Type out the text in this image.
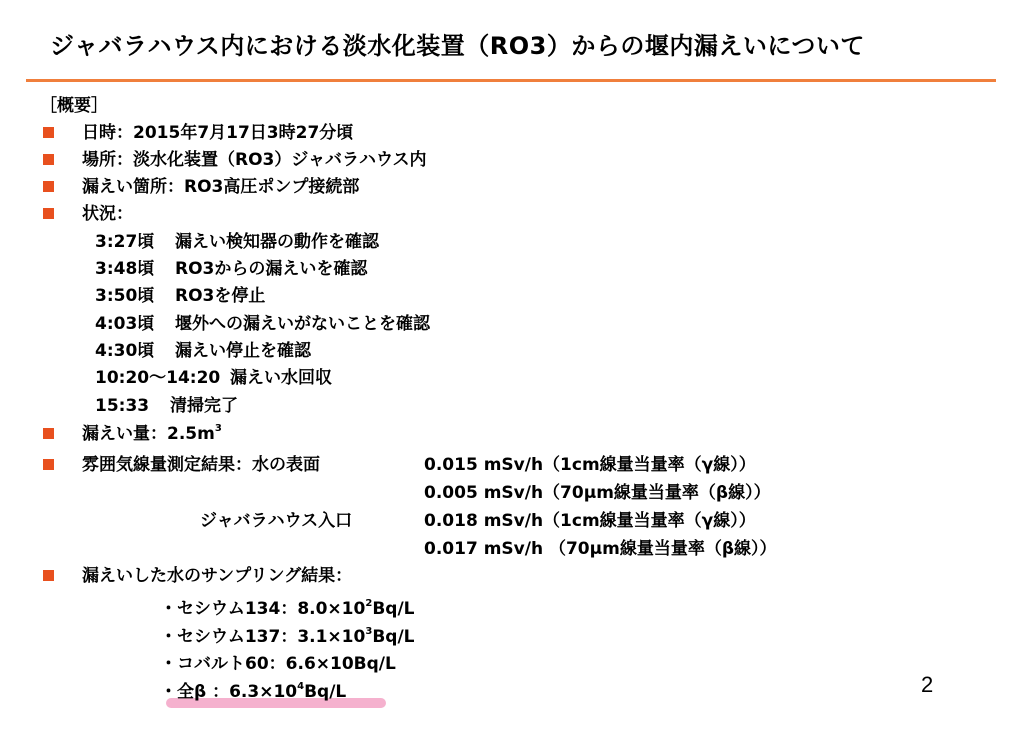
ジャバラハウス内における淡水化装置（RO3）からの堰内漏えいについて
［概要］
日時：2015年7月17日3時27分頃
場所：淡水化装置（RO3）ジャバラハウス内
漏えい箇所：RO3高圧ポンプ接続部
状況：
3:27頃 漏えい検知器の動作を確認
3:48頃 RO3からの漏えいを確認
3:50頃 RO3を停止
4:03頃 堰外への漏えいがないことを確認
4:30頃 漏えい停止を確認
10:20〜14:20 漏えい水回収
15:33 清掃完了
漏えい量：$2.5m^3$
雰囲気線量測定結果：水の表面	0.015 mSv/h（1cm線量当量率（γ線））
0.005 mSv/h（70μm線量当量率（β線））
ジャバラハウス入口	0.018 mSv/h（1cm線量当量率（γ線））
0.017 mSv/h （70μm線量当量率（β線））
漏えいした水のサンプリング結果：
・セシウム134：$8.0\times 10^2Bq/L$
・セシウム137：$3.1\times 10^3Bq/L$
・コバルト60：6.6×10Bq/L
・全β ：$6.3\times 10^4Bq/L$	2
